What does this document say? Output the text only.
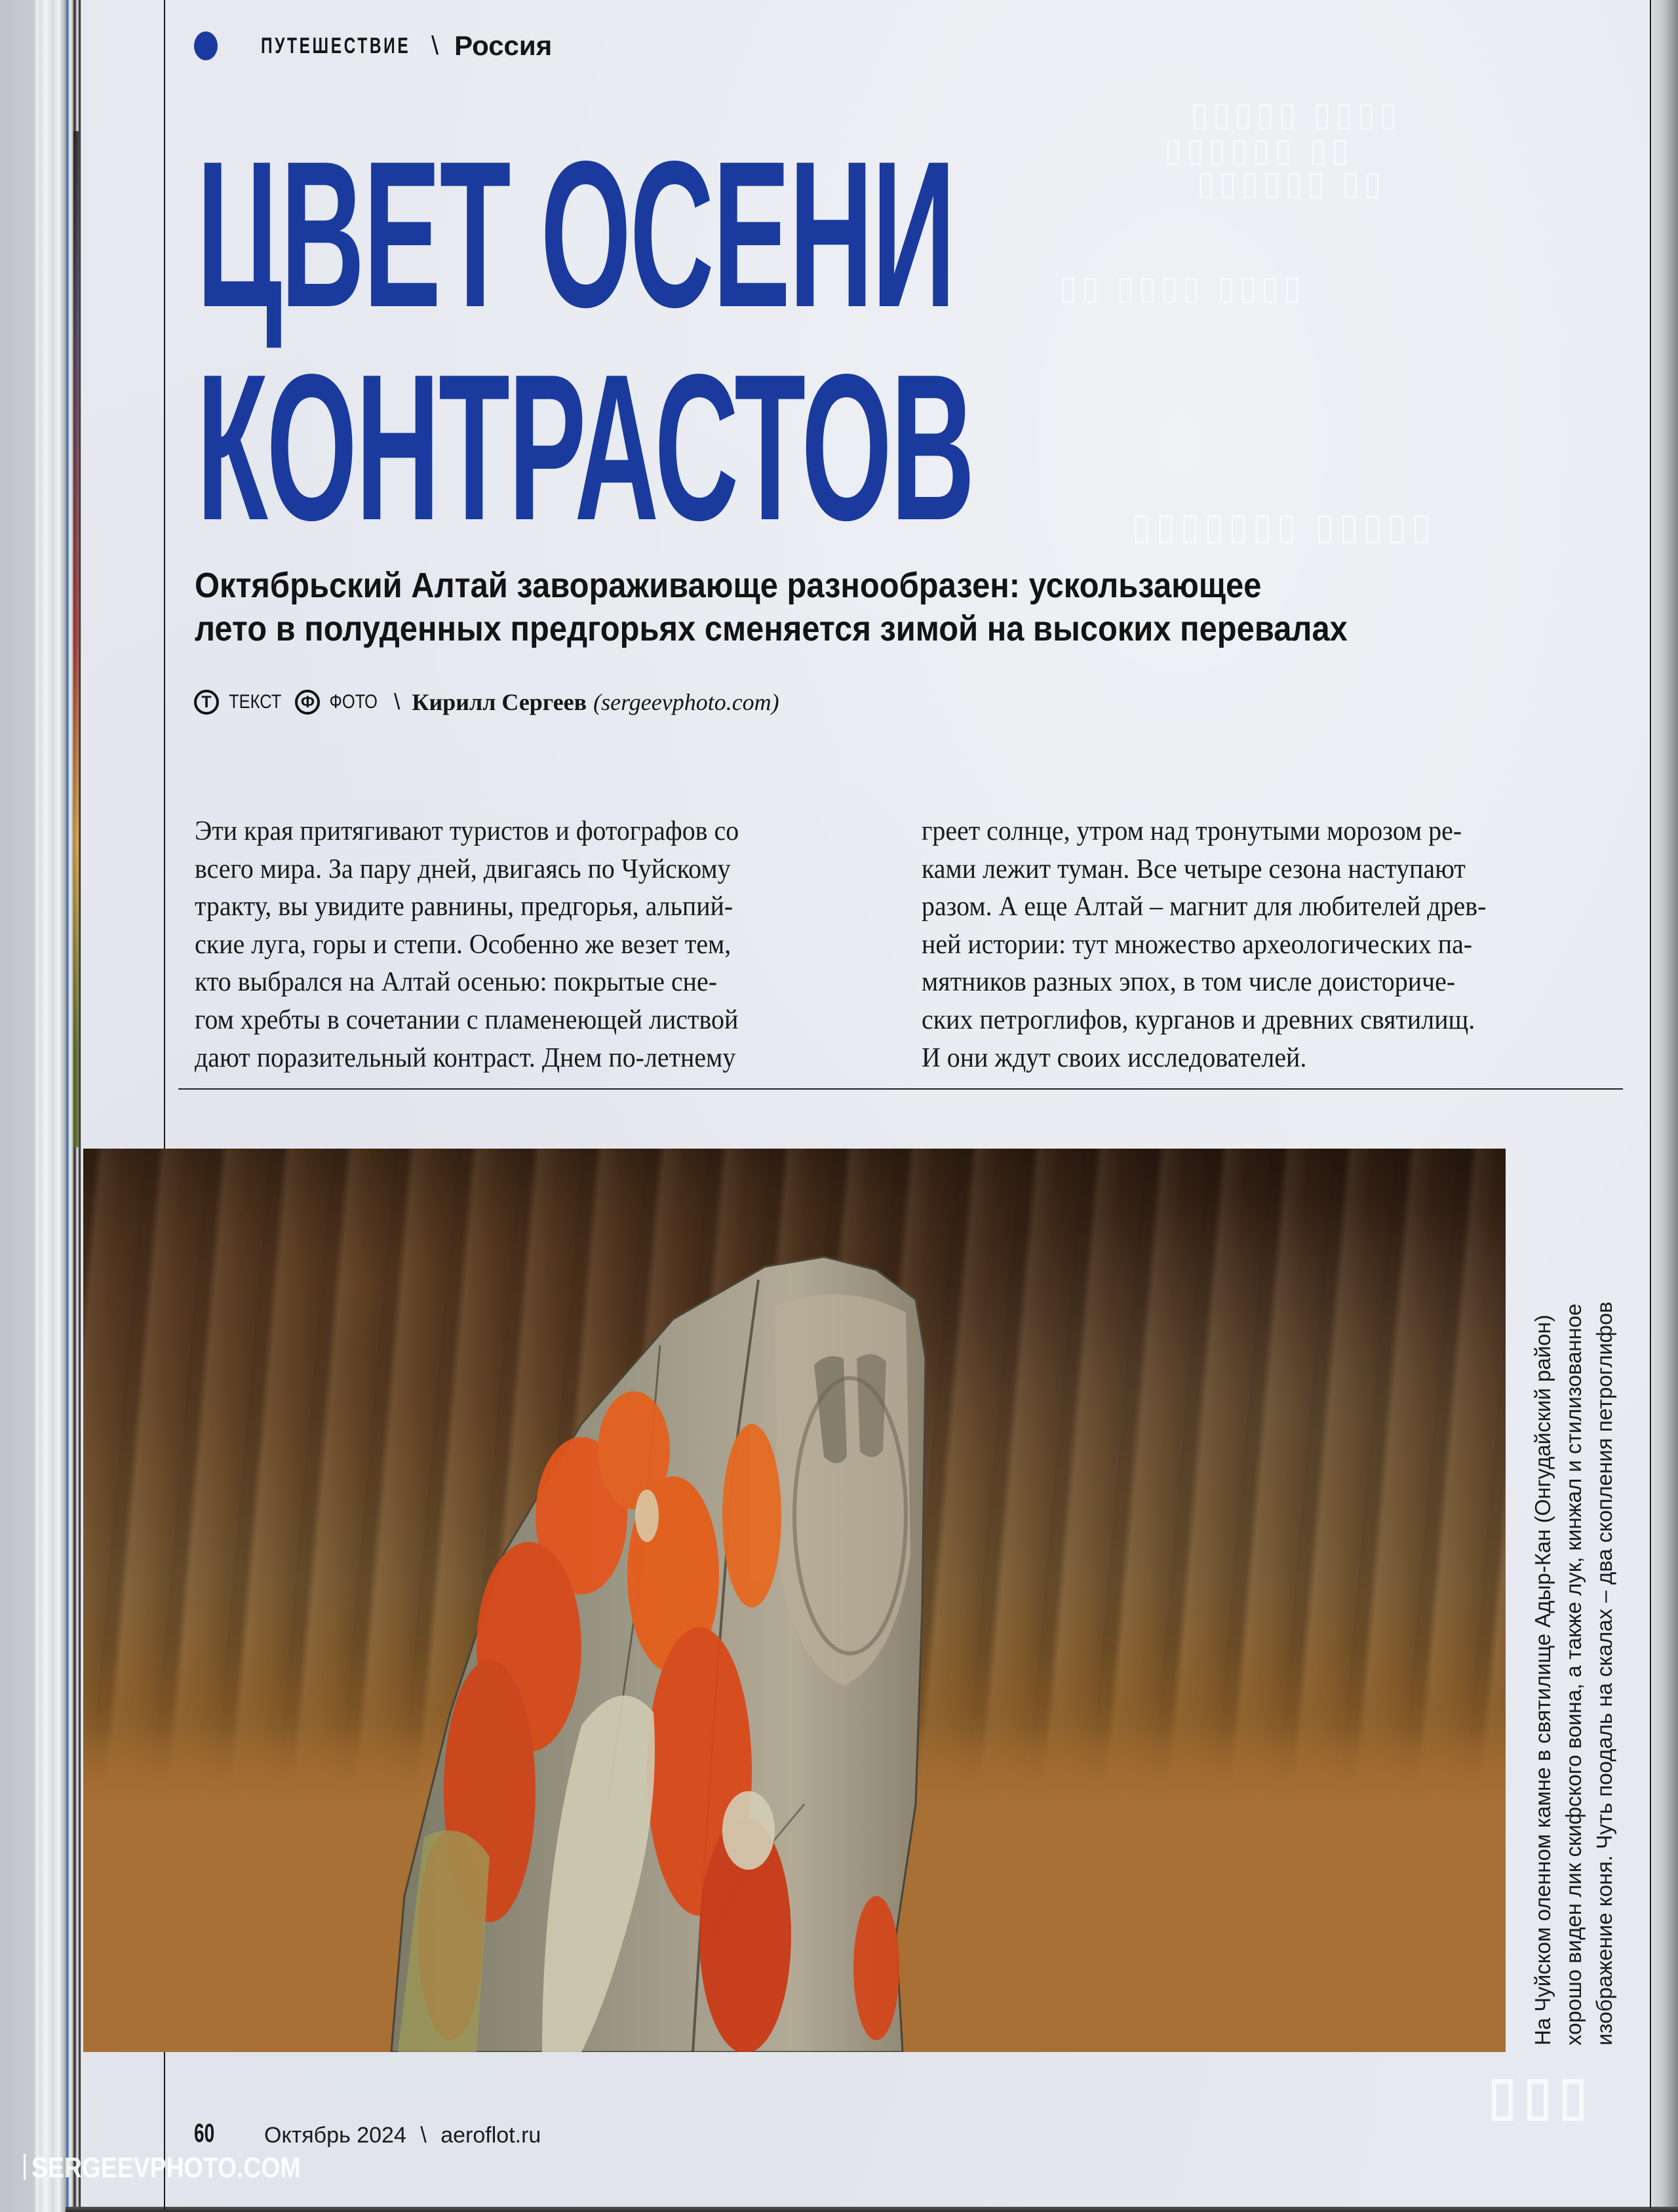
▯▯▯▯ ▯▯▯▯▯
▯▯ ▯▯▯▯▯▯
▯▯ ▯▯▯▯▯▯
▯▯▯▯ ▯▯▯▯ ▯▯
▯▯▯▯▯ ▯▯▯▯▯▯▯
ПУТЕШЕСТВИЕ \ Россия
ЦВЕТ ОСЕНИ
КОНТРАСТОВ
Октябрьский Алтай завораживающе разнообразен: ускользающее
лето в полуденных предгорьях сменяется зимой на высоких перевалах
Т ТЕКСТ	Ф ФОТО \ Кирилл Сергеев (sergeevphoto.com)
Эти края притягивают туристов и фотографов со
всего мира. За пару дней, двигаясь по Чуйскому
тракту, вы увидите равнины, предгорья, альпий-
ские луга, горы и степи. Особенно же везет тем,
кто выбрался на Алтай осенью: покрытые сне-
гом хребты в сочетании с пламенеющей листвой
дают поразительный контраст. Днем по-летнему
греет солнце, утром над тронутыми морозом ре-
ками лежит туман. Все четыре сезона наступают
разом. А еще Алтай – магнит для любителей древ-
ней истории: тут множество археологических па-
мятников разных эпох, в том числе доисториче-
ских петроглифов, курганов и древних святилищ.
И они ждут своих исследователей.
На Чуйском оленном камне в святилище Адыр-Кан (Онгудайский район) хорошо виден лик скифского воина, а также лук, кинжал и стилизованное изображение коня. Чуть поодаль на скалах – два скопления петроглифов
60 Октябрь 2024 \ aeroflot.ru
▯▯▯
SERGEEVPHOTO.COM
